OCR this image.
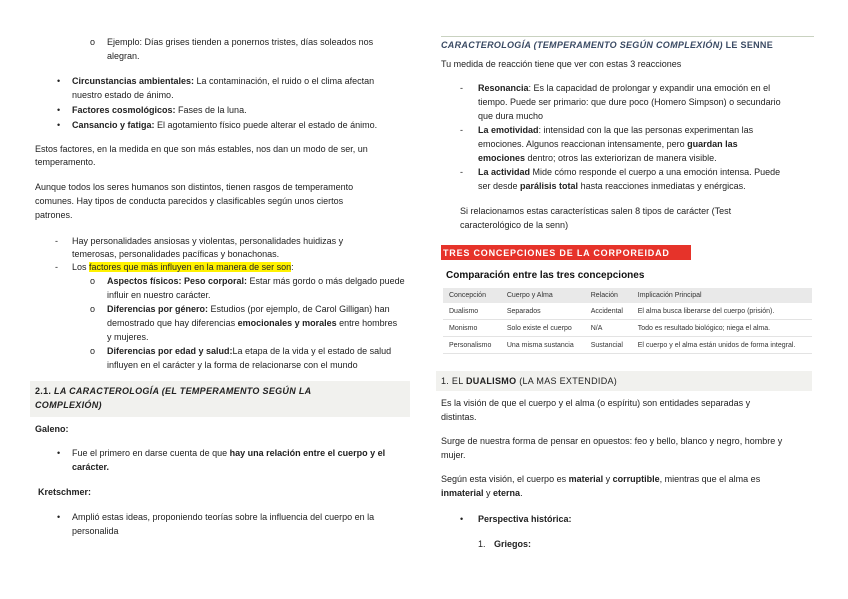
o Ejemplo: Días grises tienden a ponernos tristes, días soleados nos
alegran.
• Circunstancias ambientales: La contaminación, el ruido o el clima afectan
nuestro estado de ánimo.
• Factores cosmológicos: Fases de la luna.
• Cansancio y fatiga: El agotamiento físico puede alterar el estado de ánimo.
Estos factores, en la medida en que son más estables, nos dan un modo de ser, un
temperamento.
Aunque todos los seres humanos son distintos, tienen rasgos de temperamento
comunes. Hay tipos de conducta parecidos y clasificables según unos ciertos
patrones.
- Hay personalidades ansiosas y violentas, personalidades huidizas y
temerosas, personalidades pacíficas y bonachonas.
- Los factores que más influyen en la manera de ser son:
o Aspectos físicos: Peso corporal: Estar más gordo o más delgado puede
influir en nuestro carácter.
o Diferencias por género: Estudios (por ejemplo, de Carol Gilligan) han
demostrado que hay diferencias emocionales y morales entre hombres
y mujeres.
o Diferencias por edad y salud:La etapa de la vida y el estado de salud
influyen en el carácter y la forma de relacionarse con el mundo
2.1. LA CARACTEROLOGÍA (EL TEMPERAMENTO SEGÚN LA
COMPLEXIÓN)
Galeno:
• Fue el primero en darse cuenta de que hay una relación entre el cuerpo y el
carácter.
Kretschmer:
• Amplió estas ideas, proponiendo teorías sobre la influencia del cuerpo en la
personalida
CARACTEROLOGÍA (TEMPERAMENTO SEGÚN COMPLEXIÓN) LE SENNE
Tu medida de reacción tiene que ver con estas 3 reacciones
- Resonancia: Es la capacidad de prolongar y expandir una emoción en el
tiempo. Puede ser primario: que dure poco (Homero Simpson) o secundario
que dura mucho
- La emotividad: intensidad con la que las personas experimentan las
emociones. Algunos reaccionan intensamente, pero guardan las
emociones dentro; otros las exteriorizan de manera visible.
- La actividad Mide cómo responde el cuerpo a una emoción intensa. Puede
ser desde parálisis total hasta reacciones inmediatas y enérgicas.
Si relacionamos estas características salen 8 tipos de carácter (Test
caracterológico de la senn)
TRES CONCEPCIONES DE LA CORPOREIDAD
Comparación entre las tres concepciones
Concepción	Cuerpo y Alma	Relación	Implicación Principal
Dualismo	Separados	Accidental	El alma busca liberarse del cuerpo (prisión).
Monismo	Solo existe el cuerpo	N/A	Todo es resultado biológico; niega el alma.
Personalismo	Una misma sustancia	Sustancial	El cuerpo y el alma están unidos de forma integral.
1. EL DUALISMO (LA MAS EXTENDIDA)
Es la visión de que el cuerpo y el alma (o espíritu) son entidades separadas y
distintas.
Surge de nuestra forma de pensar en opuestos: feo y bello, blanco y negro, hombre y
mujer.
Según esta visión, el cuerpo es material y corruptible, mientras que el alma es
inmaterial y eterna.
• Perspectiva histórica:
1. Griegos:
